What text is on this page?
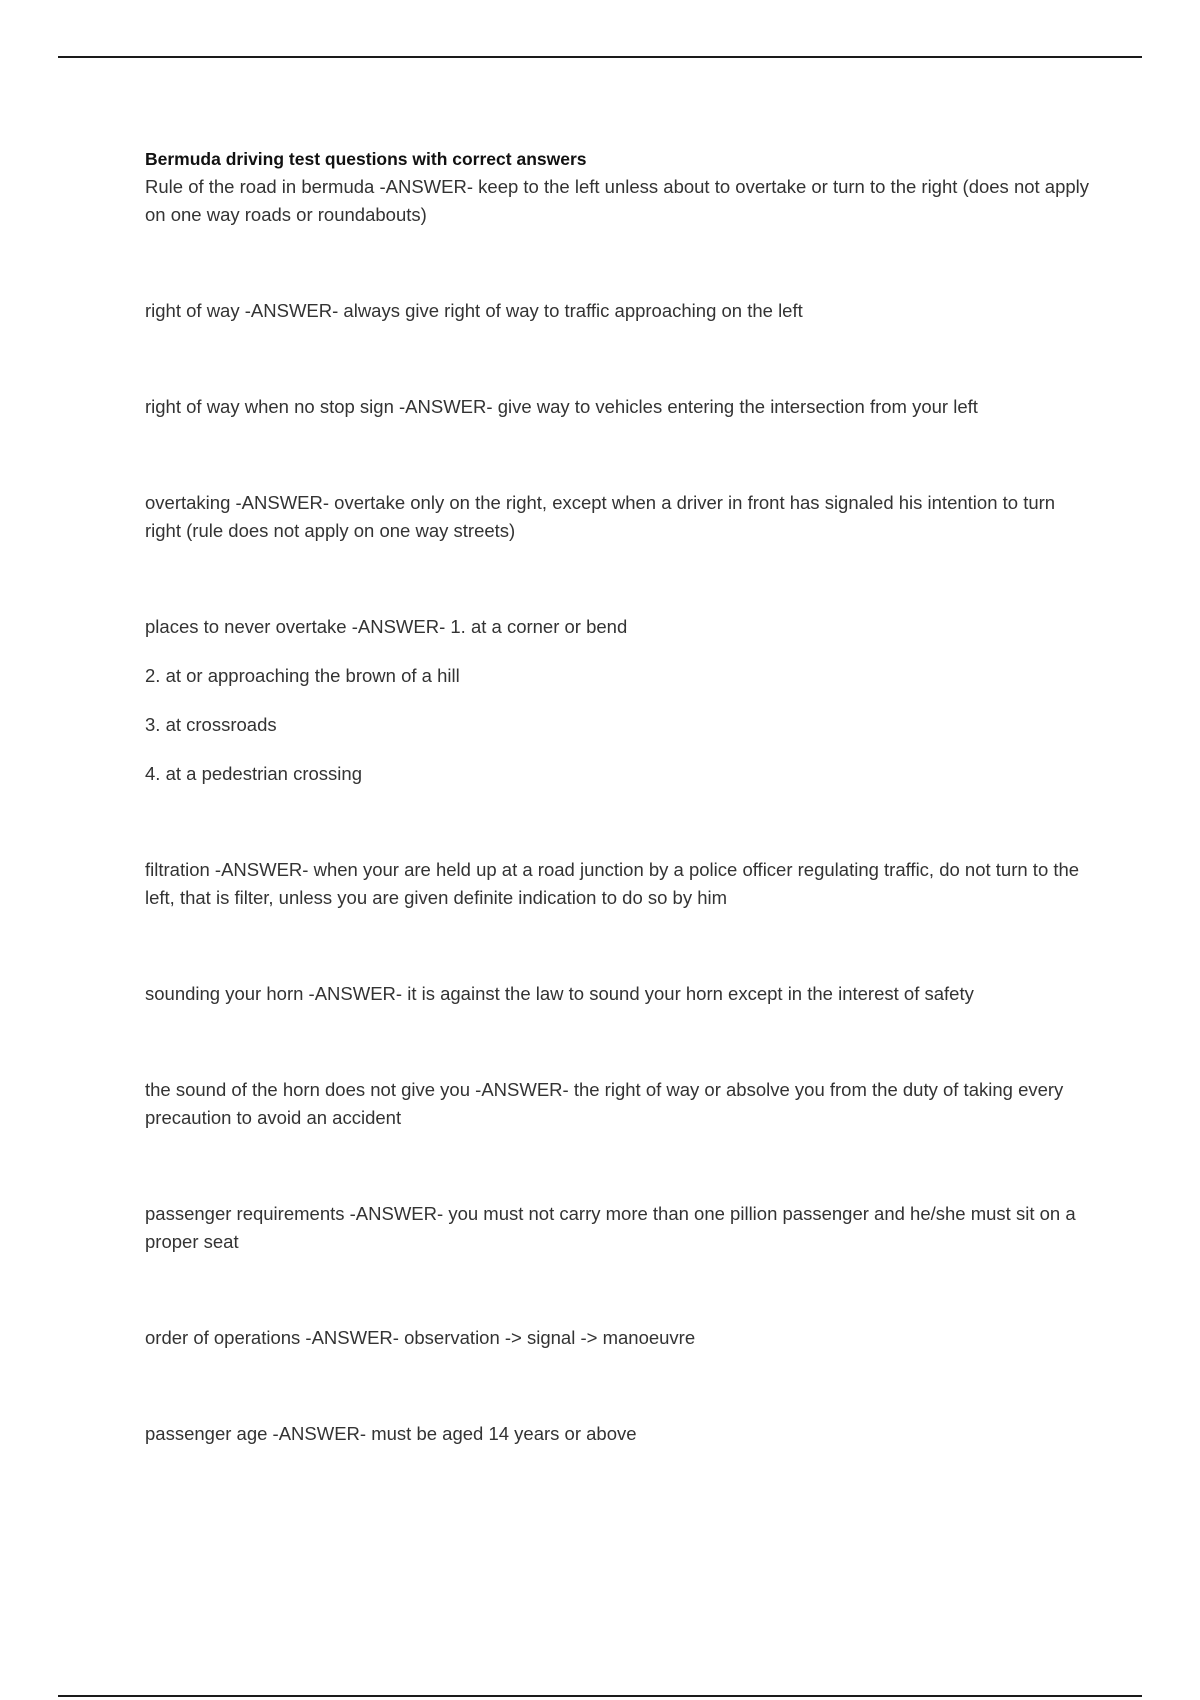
Bermuda driving test questions with correct answers

Rule of the road in bermuda -ANSWER- keep to the left unless about to overtake or turn to the right (does not apply on one way roads or roundabouts)

right of way -ANSWER- always give right of way to traffic approaching on the left

right of way when no stop sign -ANSWER- give way to vehicles entering the intersection from your left

overtaking -ANSWER- overtake only on the right, except when a driver in front has signaled his intention to turn right (rule does not apply on one way streets)

places to never overtake -ANSWER- 1. at a corner or bend

2. at or approaching the brown of a hill

3. at crossroads

4. at a pedestrian crossing

filtration -ANSWER- when your are held up at a road junction by a police officer regulating traffic, do not turn to the left, that is filter, unless you are given definite indication to do so by him

sounding your horn -ANSWER- it is against the law to sound your horn except in the interest of safety

the sound of the horn does not give you -ANSWER- the right of way or absolve you from the duty of taking every precaution to avoid an accident

passenger requirements -ANSWER- you must not carry more than one pillion passenger and he/she must sit on a proper seat

order of operations -ANSWER- observation -> signal -> manoeuvre

passenger age -ANSWER- must be aged 14 years or above
